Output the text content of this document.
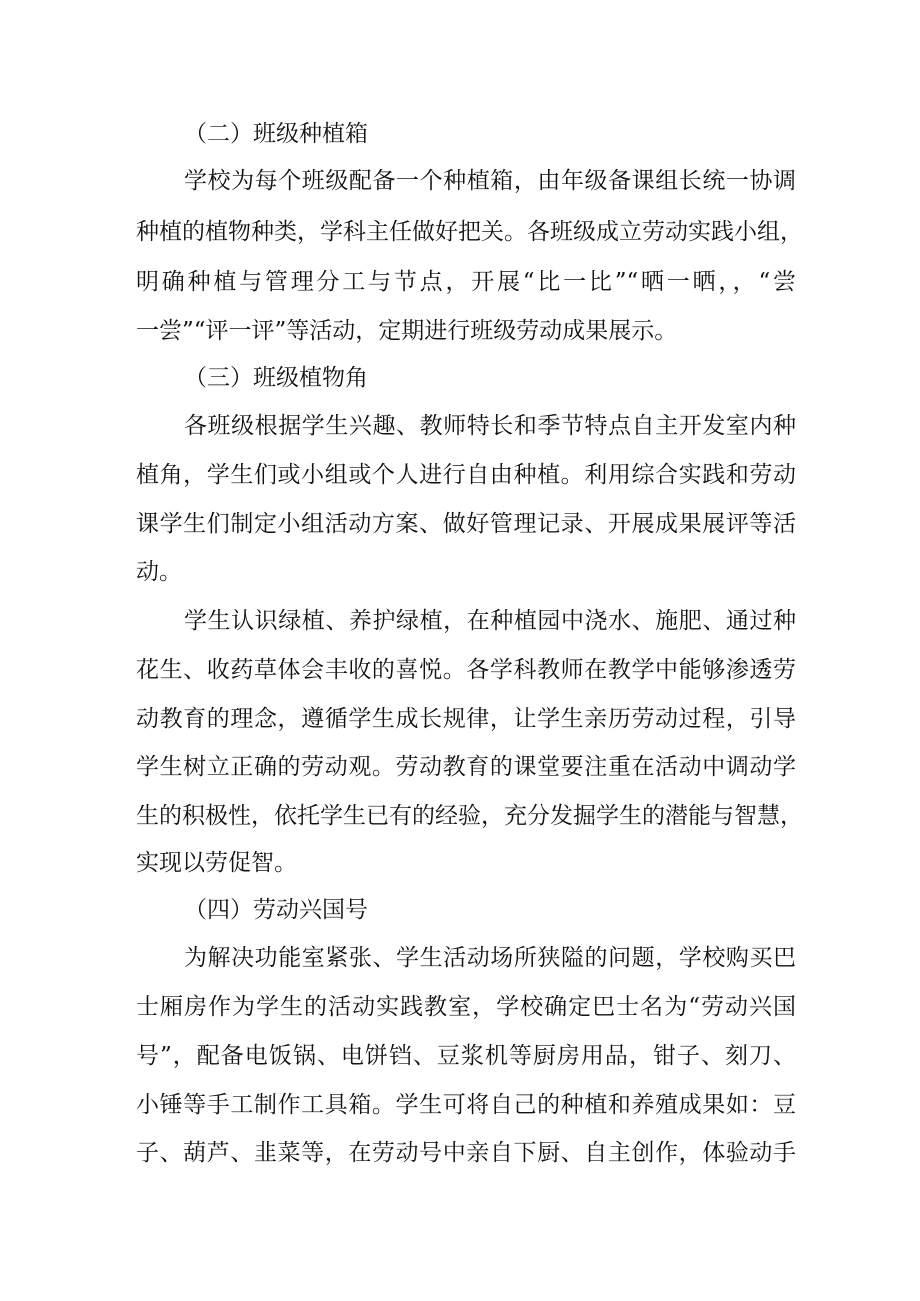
（二）班级种植箱
学校为每个班级配备一个种植箱，由年级备课组长统一协调
种植的植物种类，学科主任做好把关。各班级成立劳动实践小组，
明确种植与管理分工与节点，开展“比一比”“晒一晒，，“尝
一尝”“评一评”等活动，定期进行班级劳动成果展示。
（三）班级植物角
各班级根据学生兴趣、教师特长和季节特点自主开发室内种
植角，学生们或小组或个人进行自由种植。利用综合实践和劳动
课学生们制定小组活动方案、做好管理记录、开展成果展评等活
动。
学生认识绿植、养护绿植，在种植园中浇水、施肥、通过种
花生、收药草体会丰收的喜悦。各学科教师在教学中能够渗透劳
动教育的理念，遵循学生成长规律，让学生亲历劳动过程，引导
学生树立正确的劳动观。劳动教育的课堂要注重在活动中调动学
生的积极性，依托学生已有的经验，充分发掘学生的潜能与智慧，
实现以劳促智。
（四）劳动兴国号
为解决功能室紧张、学生活动场所狭隘的问题，学校购买巴
士厢房作为学生的活动实践教室，学校确定巴士名为“劳动兴国
号”，配备电饭锅、电饼铛、豆浆机等厨房用品，钳子、刻刀、
小锤等手工制作工具箱。学生可将自己的种植和养殖成果如：豆
子、葫芦、韭菜等，在劳动号中亲自下厨、自主创作，体验动手
